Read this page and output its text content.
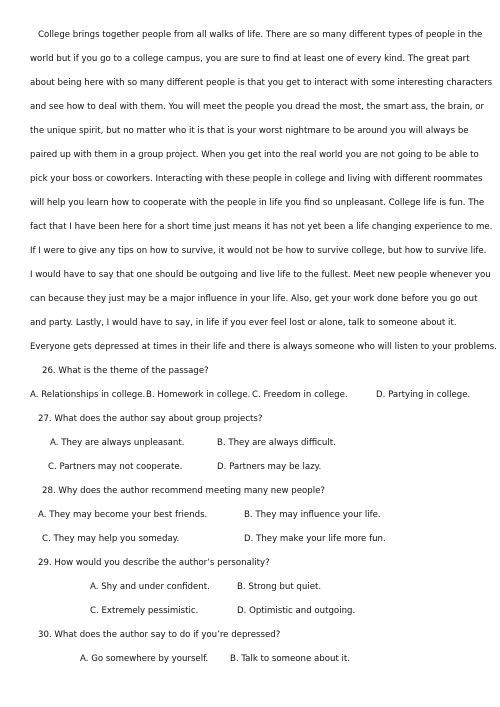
College brings together people from all walks of life. There are so many different types of people in the
world but if you go to a college campus, you are sure to find at least one of every kind. The great part
about being here with so many different people is that you get to interact with some interesting characters
and see how to deal with them. You will meet the people you dread the most, the smart ass, the brain, or
the unique spirit, but no matter who it is that is your worst nightmare to be around you will always be
paired up with them in a group project. When you get into the real world you are not going to be able to
pick your boss or coworkers. Interacting with these people in college and living with different roommates
will help you learn how to cooperate with the people in life you find so unpleasant. College life is fun. The
fact that I have been here for a short time just means it has not yet been a life changing experience to me.
If I were to give any tips on how to survive, it would not be how to survive college, but how to survive life.
I would have to say that one should be outgoing and live life to the fullest. Meet new people whenever you
can because they just may be a major influence in your life. Also, get your work done before you go out
and party. Lastly, I would have to say, in life if you ever feel lost or alone, talk to someone about it.
Everyone gets depressed at times in their life and there is always someone who will listen to your problems.
26. What is the theme of the passage?
A. Relationships in college. B. Homework in college. C. Freedom in college.	D. Partying in college.
27. What does the author say about group projects?
A. They are always unpleasant.	B. They are always difficult.
C. Partners may not cooperate.	D. Partners may be lazy.
28. Why does the author recommend meeting many new people?
A. They may become your best friends.	B. They may influence your life.
C. They may help you someday.	D. They make your life more fun.
29. How would you describe the author’s personality?
A. Shy and under confident.	B. Strong but quiet.
C. Extremely pessimistic.	D. Optimistic and outgoing.
30. What does the author say to do if you’re depressed?
A. Go somewhere by yourself.	B. Talk to someone about it.
